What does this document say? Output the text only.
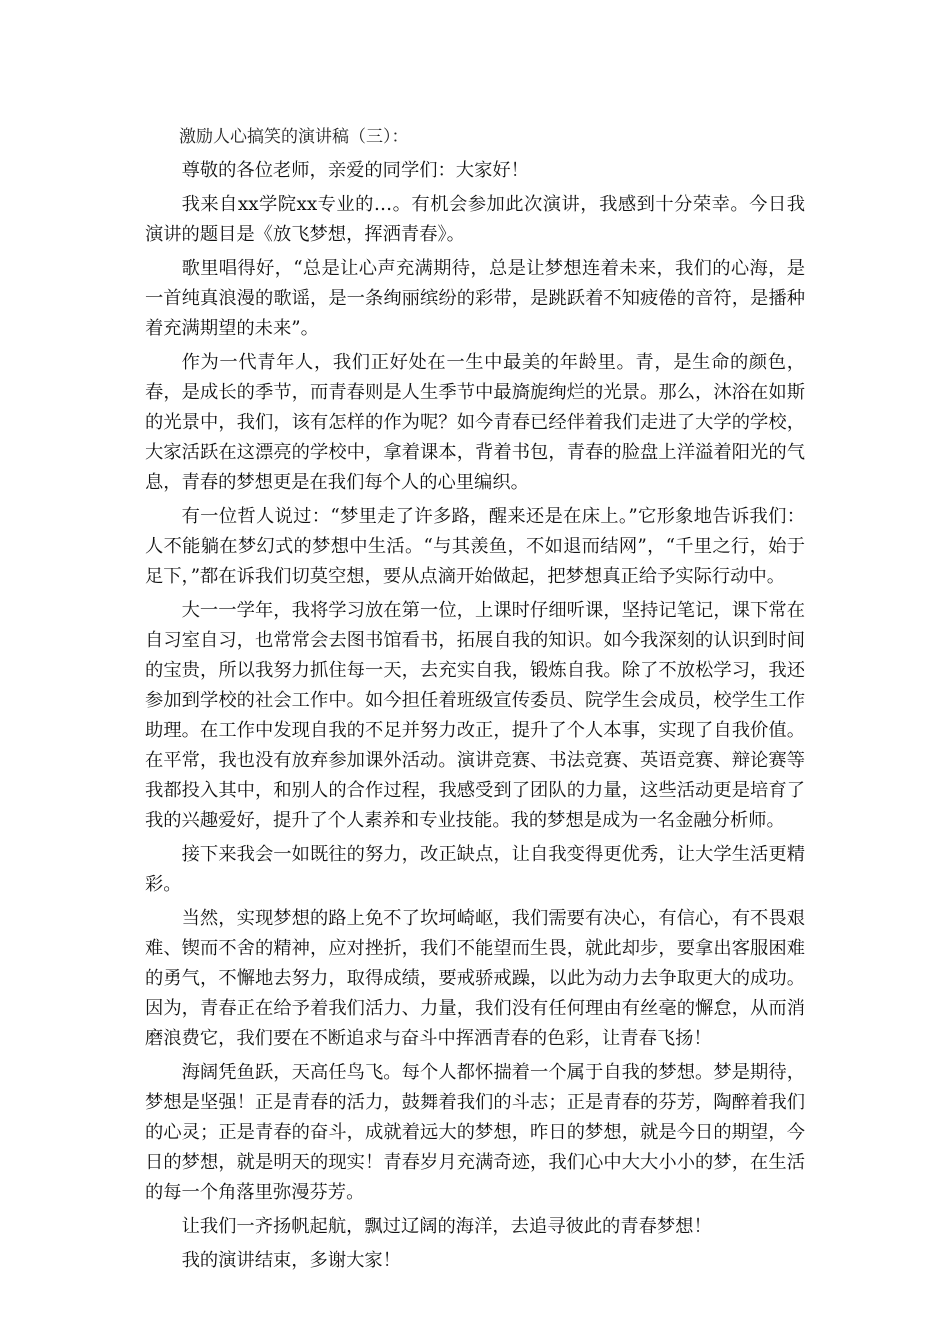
激励人心搞笑的演讲稿（三）：

尊敬的各位老师，亲爱的同学们：大家好！

我来自xx学院xx专业的…。有机会参加此次演讲，我感到十分荣幸。今日我演讲的题目是《放飞梦想，挥洒青春》。

歌里唱得好，“总是让心声充满期待，总是让梦想连着未来，我们的心海，是一首纯真浪漫的歌谣，是一条绚丽缤纷的彩带，是跳跃着不知疲倦的音符，是播种着充满期望的未来”。

作为一代青年人，我们正好处在一生中最美的年龄里。青，是生命的颜色，春，是成长的季节，而青春则是人生季节中最旖旎绚烂的光景。那么，沐浴在如斯的光景中，我们，该有怎样的作为呢？如今青春已经伴着我们走进了大学的学校，大家活跃在这漂亮的学校中，拿着课本，背着书包，青春的脸盘上洋溢着阳光的气息，青春的梦想更是在我们每个人的心里编织。

有一位哲人说过：“梦里走了许多路，醒来还是在床上。”它形象地告诉我们：人不能躺在梦幻式的梦想中生活。“与其羡鱼，不如退而结网”，“千里之行，始于足下，”都在诉我们切莫空想，要从点滴开始做起，把梦想真正给予实际行动中。

大一一学年，我将学习放在第一位，上课时仔细听课，坚持记笔记，课下常在自习室自习，也常常会去图书馆看书，拓展自我的知识。如今我深刻的认识到时间的宝贵，所以我努力抓住每一天，去充实自我，锻炼自我。除了不放松学习，我还参加到学校的社会工作中。如今担任着班级宣传委员、院学生会成员，校学生工作助理。在工作中发现自我的不足并努力改正，提升了个人本事，实现了自我价值。在平常，我也没有放弃参加课外活动。演讲竞赛、书法竞赛、英语竞赛、辩论赛等我都投入其中，和别人的合作过程，我感受到了团队的力量，这些活动更是培育了我的兴趣爱好，提升了个人素养和专业技能。我的梦想是成为一名金融分析师。

接下来我会一如既往的努力，改正缺点，让自我变得更优秀，让大学生活更精彩。

当然，实现梦想的路上免不了坎坷崎岖，我们需要有决心，有信心，有不畏艰难、锲而不舍的精神，应对挫折，我们不能望而生畏，就此却步，要拿出客服困难的勇气，不懈地去努力，取得成绩，要戒骄戒躁，以此为动力去争取更大的成功。因为，青春正在给予着我们活力、力量，我们没有任何理由有丝毫的懈怠，从而消磨浪费它，我们要在不断追求与奋斗中挥洒青春的色彩，让青春飞扬！

海阔凭鱼跃，天高任鸟飞。每个人都怀揣着一个属于自我的梦想。梦是期待，梦想是坚强！正是青春的活力，鼓舞着我们的斗志；正是青春的芬芳，陶醉着我们的心灵；正是青春的奋斗，成就着远大的梦想，昨日的梦想，就是今日的期望，今日的梦想，就是明天的现实！青春岁月充满奇迹，我们心中大大小小的梦，在生活的每一个角落里弥漫芬芳。

让我们一齐扬帆起航，飘过辽阔的海洋，去追寻彼此的青春梦想！

我的演讲结束，多谢大家！
